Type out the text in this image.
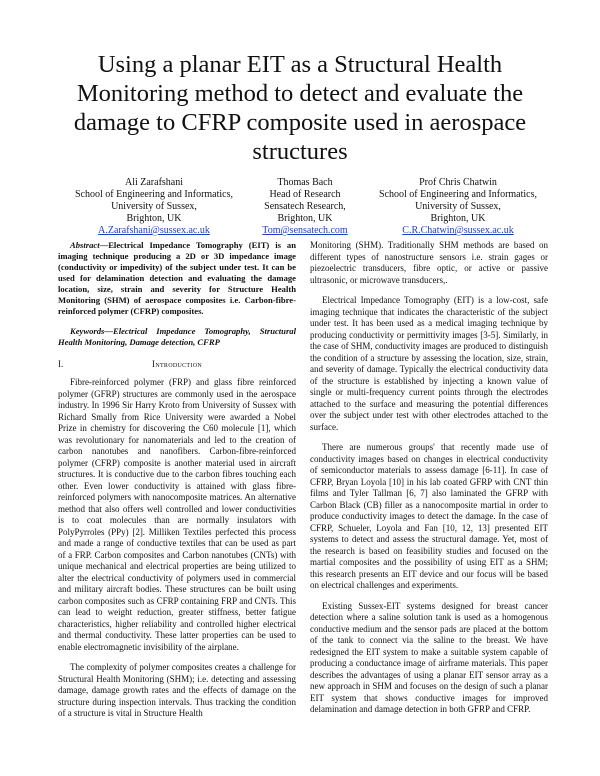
Using a planar EIT as a Structural Health Monitoring method to detect and evaluate the damage to CFRP composite used in aerospace structures
Ali Zarafshani
School of Engineering and Informatics,
University of Sussex,
Brighton, UK
A.Zarafshani@sussex.ac.uk
Thomas Bach
Head of Research
Sensatech Research,
Brighton, UK
Tom@sensatech.com
Prof Chris Chatwin
School of Engineering and Informatics,
University of Sussex,
Brighton, UK
C.R.Chatwin@sussex.ac.uk

Abstract—Electrical Impedance Tomography (EIT) is an imaging technique producing a 2D or 3D impedance image (conductivity or impedivity) of the subject under test. It can be used for delamination detection and evaluating the damage location, size, strain and severity for Structure Health Monitoring (SHM) of aerospace composites i.e. Carbon-fibre-reinforced polymer (CFRP) composites.

Keywords—Electrical Impedance Tomography, Structural Health Monitoring, Damage detection, CFRP

I.	Introduction

Fibre-reinforced polymer (FRP) and glass fibre reinforced polymer (GFRP) structures are commonly used in the aerospace industry. In 1996 Sir Harry Kroto from University of Sussex with Richard Smally from Rice University were awarded a Nobel Prize in chemistry for discovering the C60 molecule [1], which was revolutionary for nanomaterials and led to the creation of carbon nanotubes and nanofibers. Carbon-fibre-reinforced polymer (CFRP) composite is another material used in aircraft structures. It is conductive due to the carbon fibres touching each other. Even lower conductivity is attained with glass fibre-reinforced polymers with nanocomposite matrices. An alternative method that also offers well controlled and lower conductivities is to coat molecules than are normally insulators with PolyPyrroles (PPy) [2]. Milliken Textiles perfected this process and made a range of conductive textiles that can be used as part of a FRP. Carbon composites and Carbon nanotubes (CNTs) with unique mechanical and electrical properties are being utilized to alter the electrical conductivity of polymers used in commercial and military aircraft bodies. These structures can be built using carbon composites such as CFRP containing FRP and CNTs. This can lead to weight reduction, greater stiffness, better fatigue characteristics, higher reliability and controlled higher electrical and thermal conductivity. These latter properties can be used to enable electromagnetic invisibility of the airplane.

The complexity of polymer composites creates a challenge for Structural Health Monitoring (SHM); i.e. detecting and assessing damage, damage growth rates and the effects of damage on the structure during inspection intervals. Thus tracking the condition of a structure is vital in Structure Health

Monitoring (SHM). Traditionally SHM methods are based on different types of nanostructure sensors i.e. strain gages or piezoelectric transducers, fibre optic, or active or passive ultrasonic, or microwave transducers,.

Electrical Impedance Tomography (EIT) is a low-cost, safe imaging technique that indicates the characteristic of the subject under test. It has been used as a medical imaging technique by producing conductivity or permittivity images [3-5]. Similarly, in the case of SHM, conductivity images are produced to distinguish the condition of a structure by assessing the location, size, strain, and severity of damage. Typically the electrical conductivity data of the structure is established by injecting a known value of single or multi-frequency current points through the electrodes attached to the surface and measuring the potential differences over the subject under test with other electrodes attached to the surface.

There are numerous groups' that recently made use of conductivity images based on changes in electrical conductivity of semiconductor materials to assess damage [6-11]. In case of CFRP, Bryan Loyola [10] in his lab coated GFRP with CNT thin films and Tyler Tallman [6, 7] also laminated the GFRP with Carbon Black (CB) filler as a nanocomposite martial in order to produce conductivity images to detect the damage. In the case of CFRP, Schueler, Loyola and Fan [10, 12, 13] presented EIT systems to detect and assess the structural damage. Yet, most of the research is based on feasibility studies and focused on the martial composites and the possibility of using EIT as a SHM; this research presents an EIT device and our focus will be based on electrical challenges and experiments.

Existing Sussex-EIT systems designed for breast cancer detection where a saline solution tank is used as a homogenous conductive medium and the sensor pads are placed at the bottom of the tank to connect via the saline to the breast. We have redesigned the EIT system to make a suitable system capable of producing a conductance image of airframe materials. This paper describes the advantages of using a planar EIT sensor array as a new approach in SHM and focuses on the design of such a planar EIT system that shows conductive images for improved delamination and damage detection in both GFRP and CFRP.
